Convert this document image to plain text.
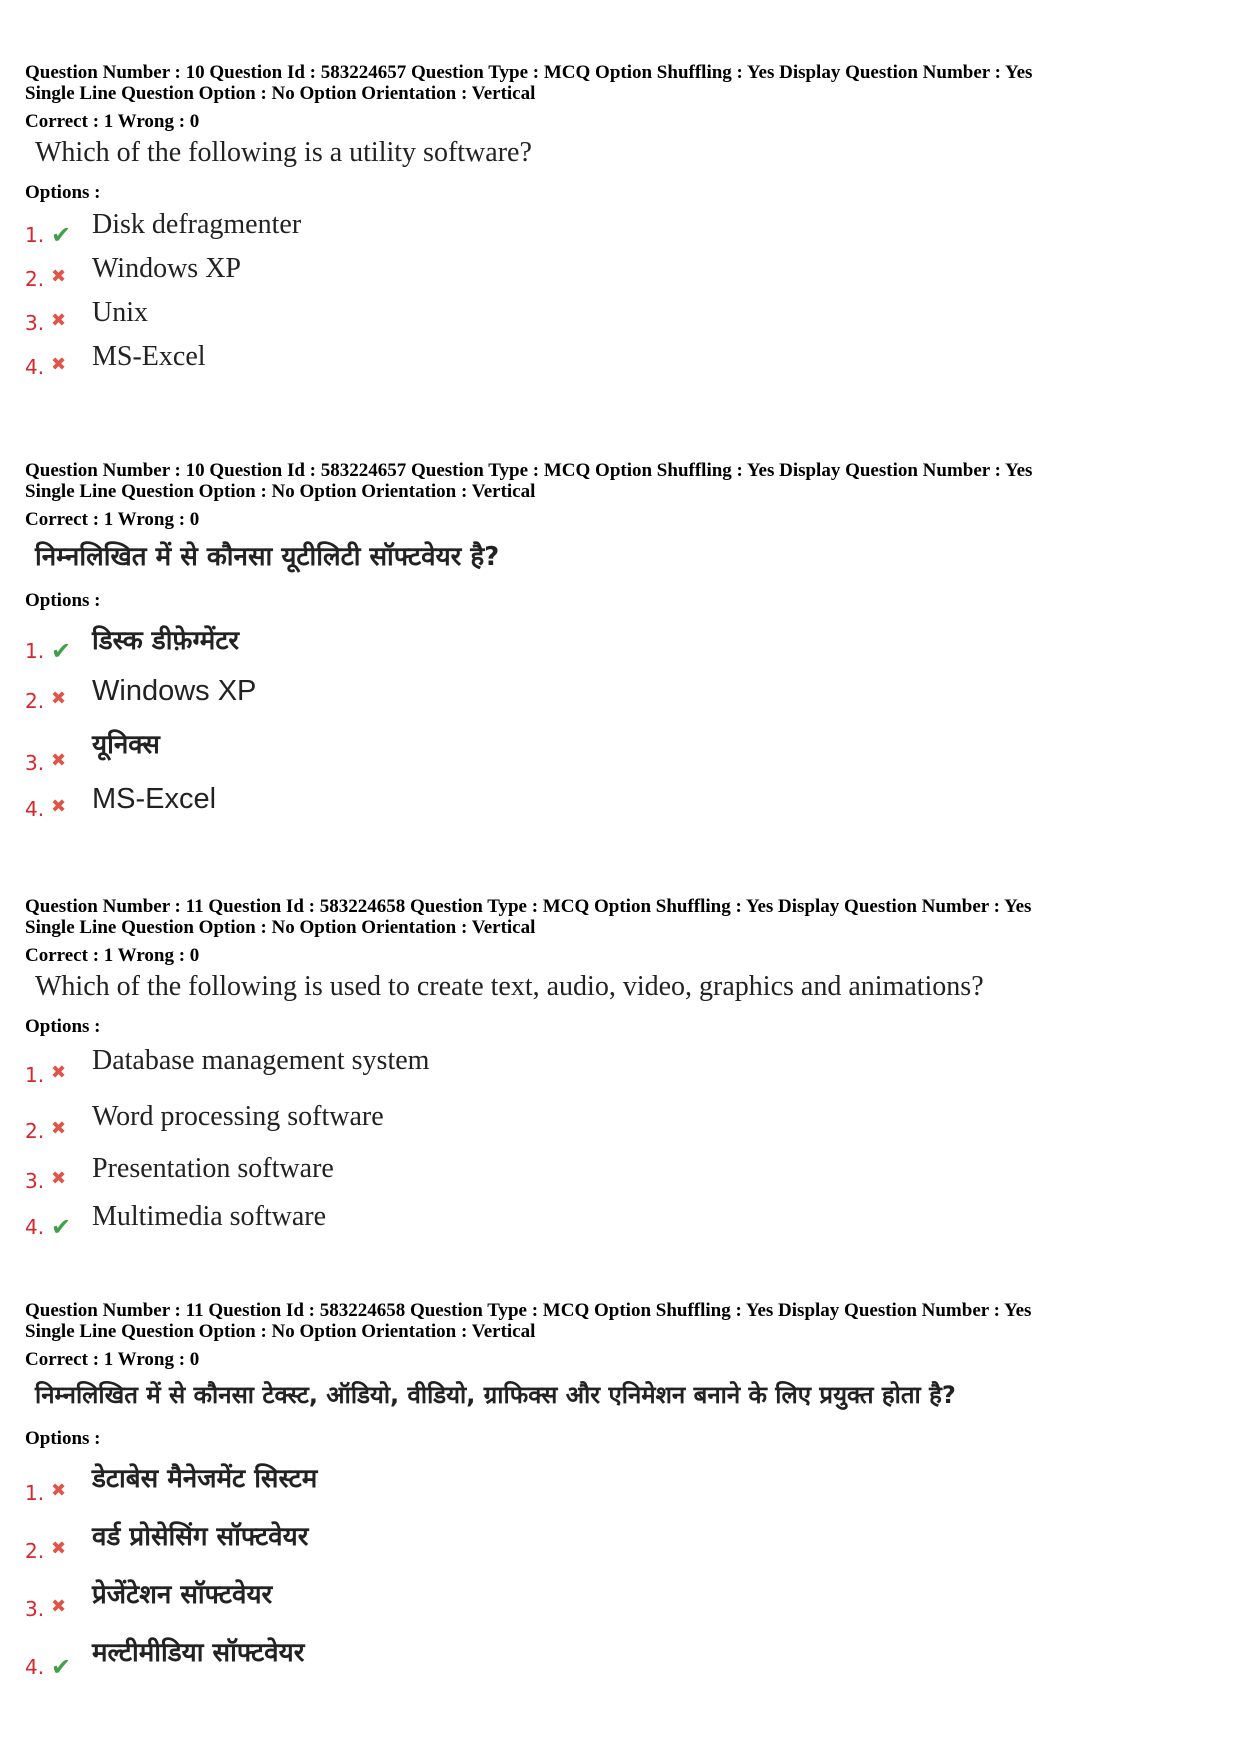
Question Number : 10 Question Id : 583224657 Question Type : MCQ Option Shuffling : Yes Display Question Number : Yes
Single Line Question Option : No Option Orientation : Vertical
Correct : 1 Wrong : 0
Which of the following is a utility software?
Options :
1. ✔ Disk defragmenter
2. ✖ Windows XP
3. ✖ Unix
4. ✖ MS-Excel
Question Number : 10 Question Id : 583224657 Question Type : MCQ Option Shuffling : Yes Display Question Number : Yes
Single Line Question Option : No Option Orientation : Vertical
Correct : 1 Wrong : 0
निम्नलिखित में से कौनसा यूटीलिटी सॉफ्टवेयर है?
Options :
1. ✔ डिस्क डीफ़ेग्मेंटर
2. ✖ Windows XP
3. ✖
यूनिक्स
4. ✖ MS-Excel
Question Number : 11 Question Id : 583224658 Question Type : MCQ Option Shuffling : Yes Display Question Number : Yes
Single Line Question Option : No Option Orientation : Vertical
Correct : 1 Wrong : 0
Which of the following is used to create text, audio, video, graphics and animations?
Options :
1. ✖ Database management system
2. ✖ Word processing software
3. ✖ Presentation software
4. ✔ Multimedia software
Question Number : 11 Question Id : 583224658 Question Type : MCQ Option Shuffling : Yes Display Question Number : Yes
Single Line Question Option : No Option Orientation : Vertical
Correct : 1 Wrong : 0
निम्नलिखित में से कौनसा टेक्स्ट, ऑडियो, वीडियो, ग्राफिक्स और एनिमेशन बनाने के लिए प्रयुक्त होता है?
Options :
1. ✖ डेटाबेस मैनेजमेंट सिस्टम
2. ✖ वर्ड प्रोसेसिंग सॉफ्टवेयर
3. ✖ प्रेजेंटेशन सॉफ्टवेयर
4. ✔ मल्टीमीडिया सॉफ्टवेयर
